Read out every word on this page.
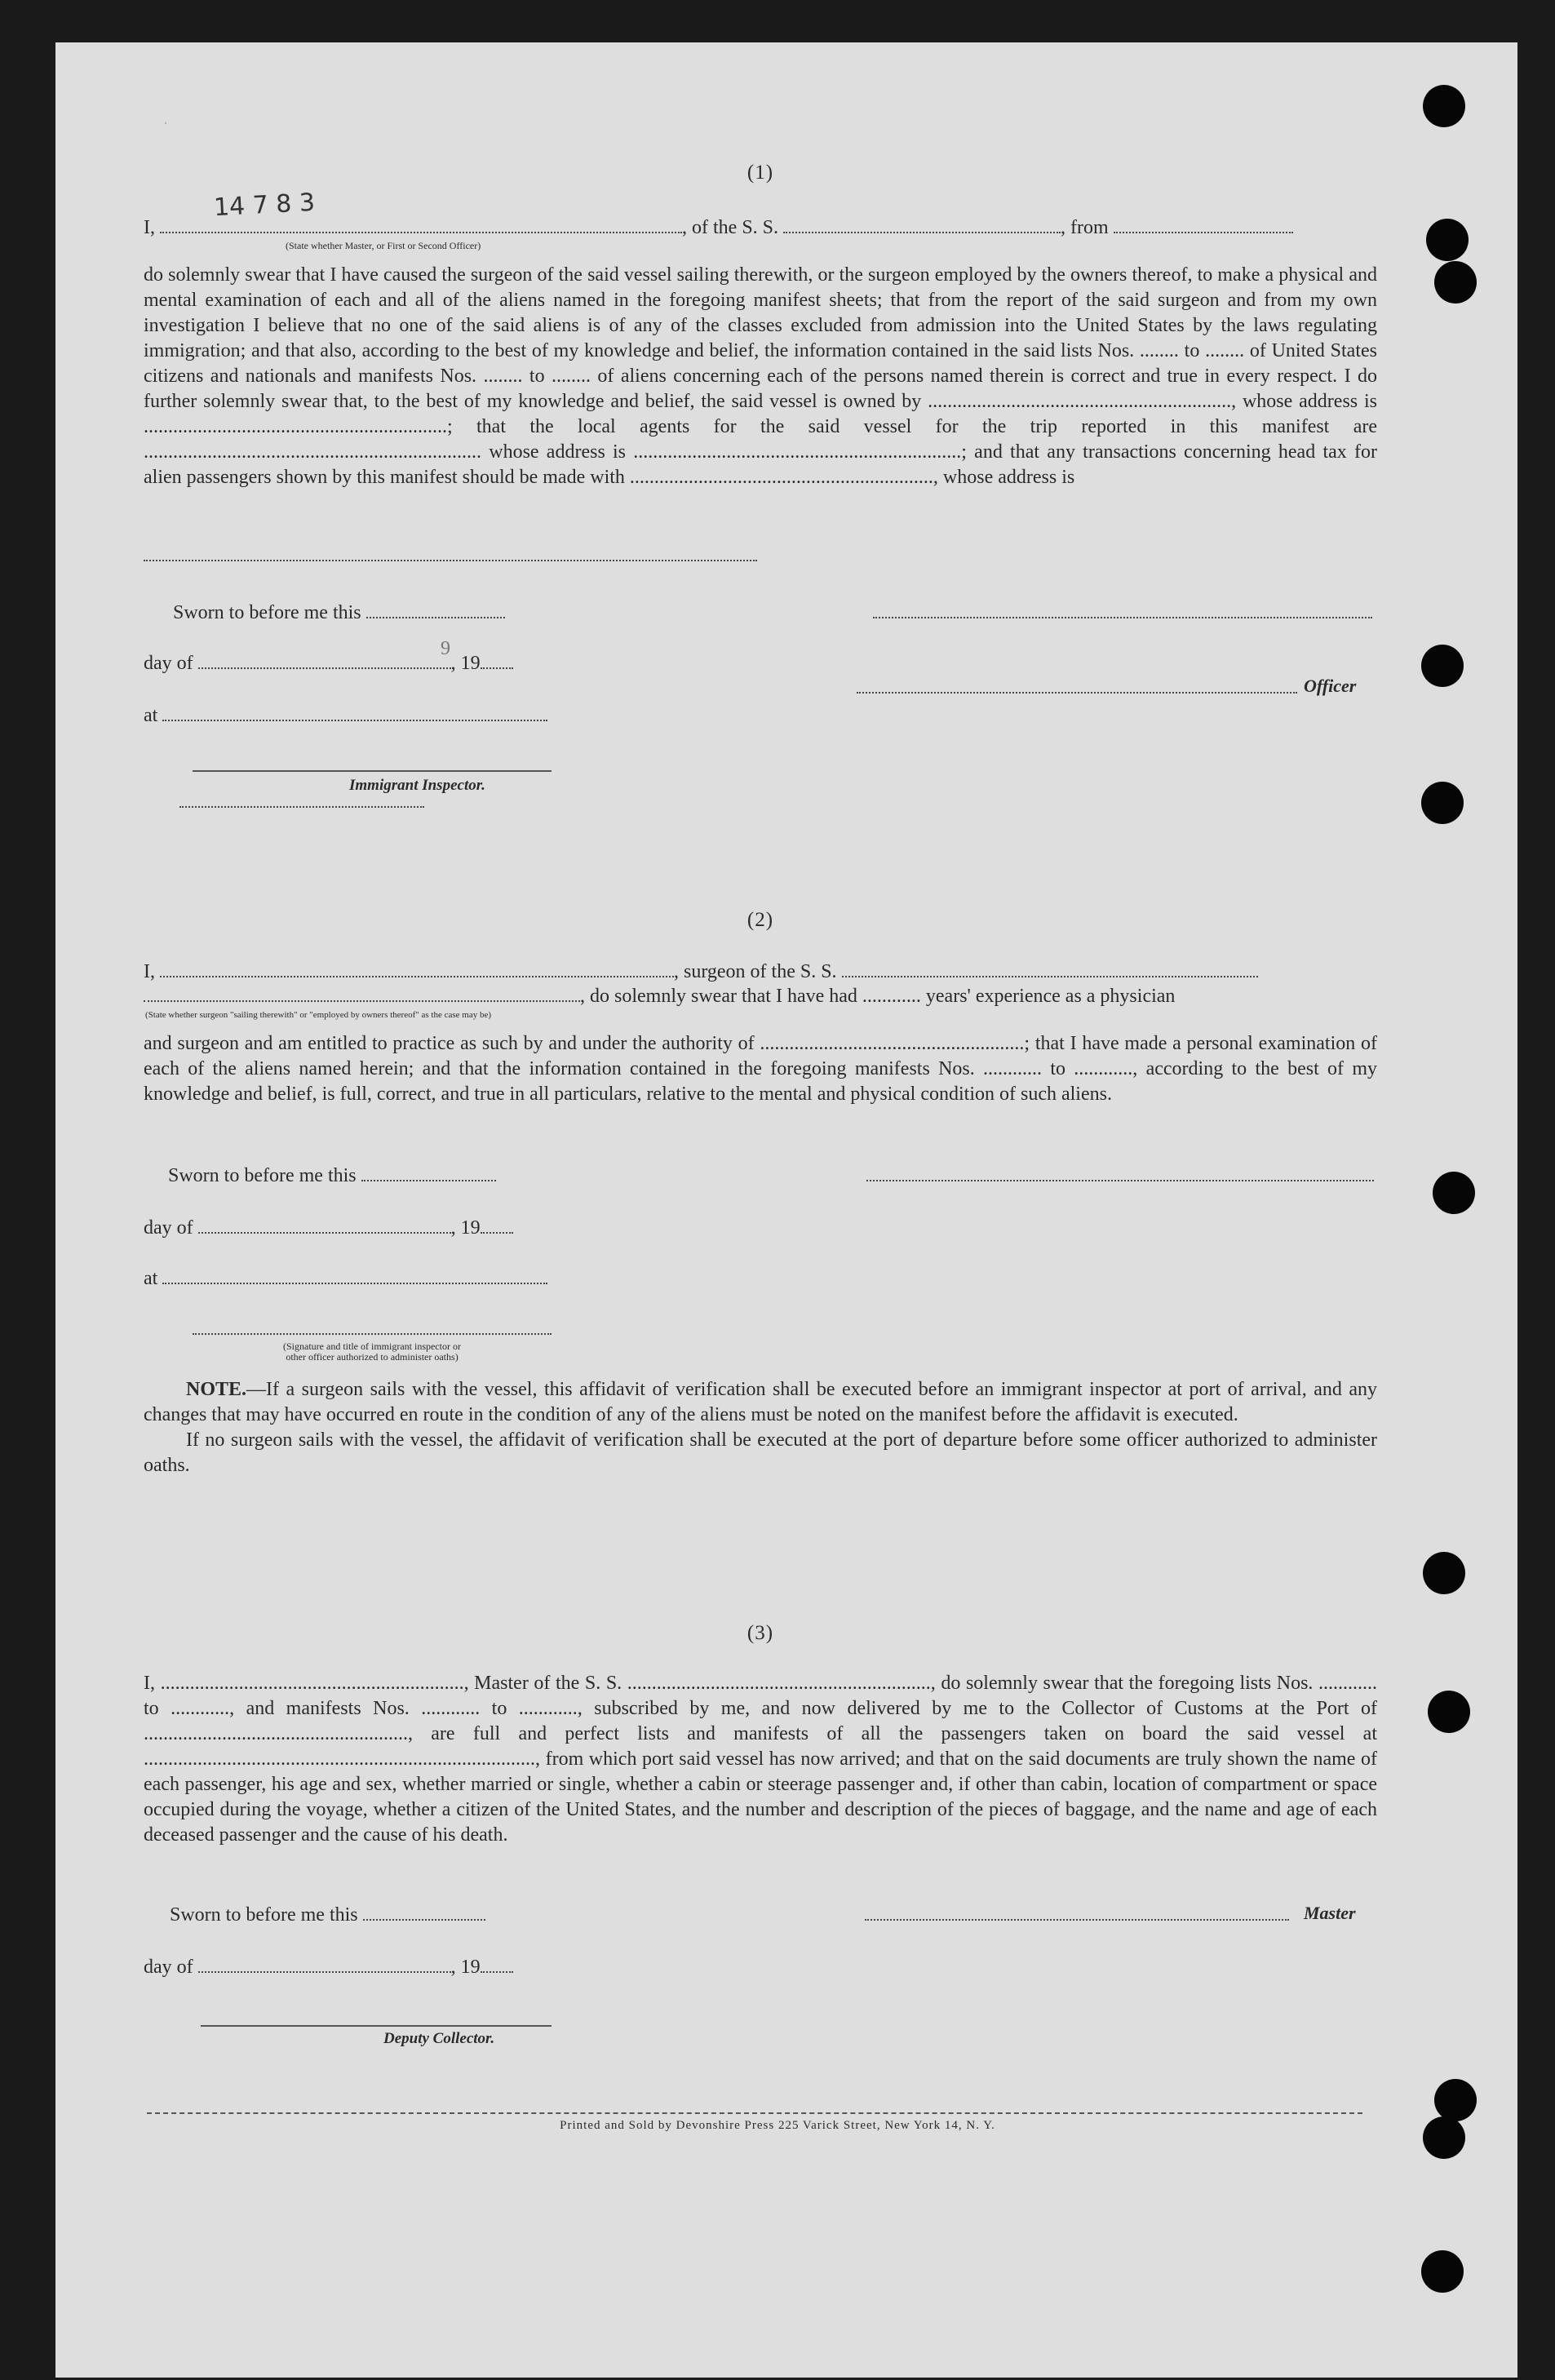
(1)
14 7 8 3
I,	, of the S. S.	, from
(State whether Master, or First or Second Officer)

do solemnly swear that I have caused the surgeon of the said vessel sailing therewith, or the surgeon employed by the owners thereof, to make a physical and mental examination of each and all of the aliens named in the foregoing manifest sheets; that from the report of the said surgeon and from my own investigation I believe that no one of the said aliens is of any of the classes excluded from admission into the United States by the laws regulating immigration; and that also, according to the best of my knowledge and belief, the information contained in the said lists Nos. ........ to ........ of United States citizens and nationals and manifests Nos. ........ to ........ of aliens concerning each of the persons named therein is correct and true in every respect. I do further solemnly swear that, to the best of my knowledge and belief, the said vessel is owned by .............................................................., whose address is ..............................................................; that the local agents for the said vessel for the trip reported in this manifest are ..................................................................... whose address is ...................................................................; and that any transactions concerning head tax for alien passengers shown by this manifest should be made with .............................................................., whose address is

Sworn to before me this
day of	, 19
9
at
Officer
Immigrant Inspector.
.
(2)
I,	, surgeon of the S. S.
, do solemnly swear that I have had ............ years' experience as a physician
(State whether surgeon "sailing therewith" or "employed by owners thereof" as the case may be)

and surgeon and am entitled to practice as such by and under the authority of ......................................................; that I have made a personal examination of each of the aliens named herein; and that the information contained in the foregoing manifests Nos. ............ to ............, according to the best of my knowledge and belief, is full, correct, and true in all particulars, relative to the mental and physical condition of such aliens.

Sworn to before me this
day of	, 19
at
(Signature and title of immigrant inspector or
other officer authorized to administer oaths)

NOTE.—If a surgeon sails with the vessel, this affidavit of verification shall be executed before an immigrant inspector at port of arrival, and any changes that may have occurred en route in the condition of any of the aliens must be noted on the manifest before the affidavit is executed.

If no surgeon sails with the vessel, the affidavit of verification shall be executed at the port of departure before some officer authorized to administer oaths.

(3)

I, .............................................................., Master of the S. S. .............................................................., do solemnly swear that the foregoing lists Nos. ............ to ............, and manifests Nos. ............ to ............, subscribed by me, and now delivered by me to the Collector of Customs at the Port of ......................................................, are full and perfect lists and manifests of all the passengers taken on board the said vessel at ................................................................................, from which port said vessel has now arrived; and that on the said documents are truly shown the name of each passenger, his age and sex, whether married or single, whether a cabin or steerage passenger and, if other than cabin, location of compartment or space occupied during the voyage, whether a citizen of the United States, and the number and description of the pieces of baggage, and the name and age of each deceased passenger and the cause of his death.

Sworn to before me this	Master
day of	, 19
Deputy Collector.
Printed and Sold by Devonshire Press 225 Varick Street, New York 14, N. Y.
